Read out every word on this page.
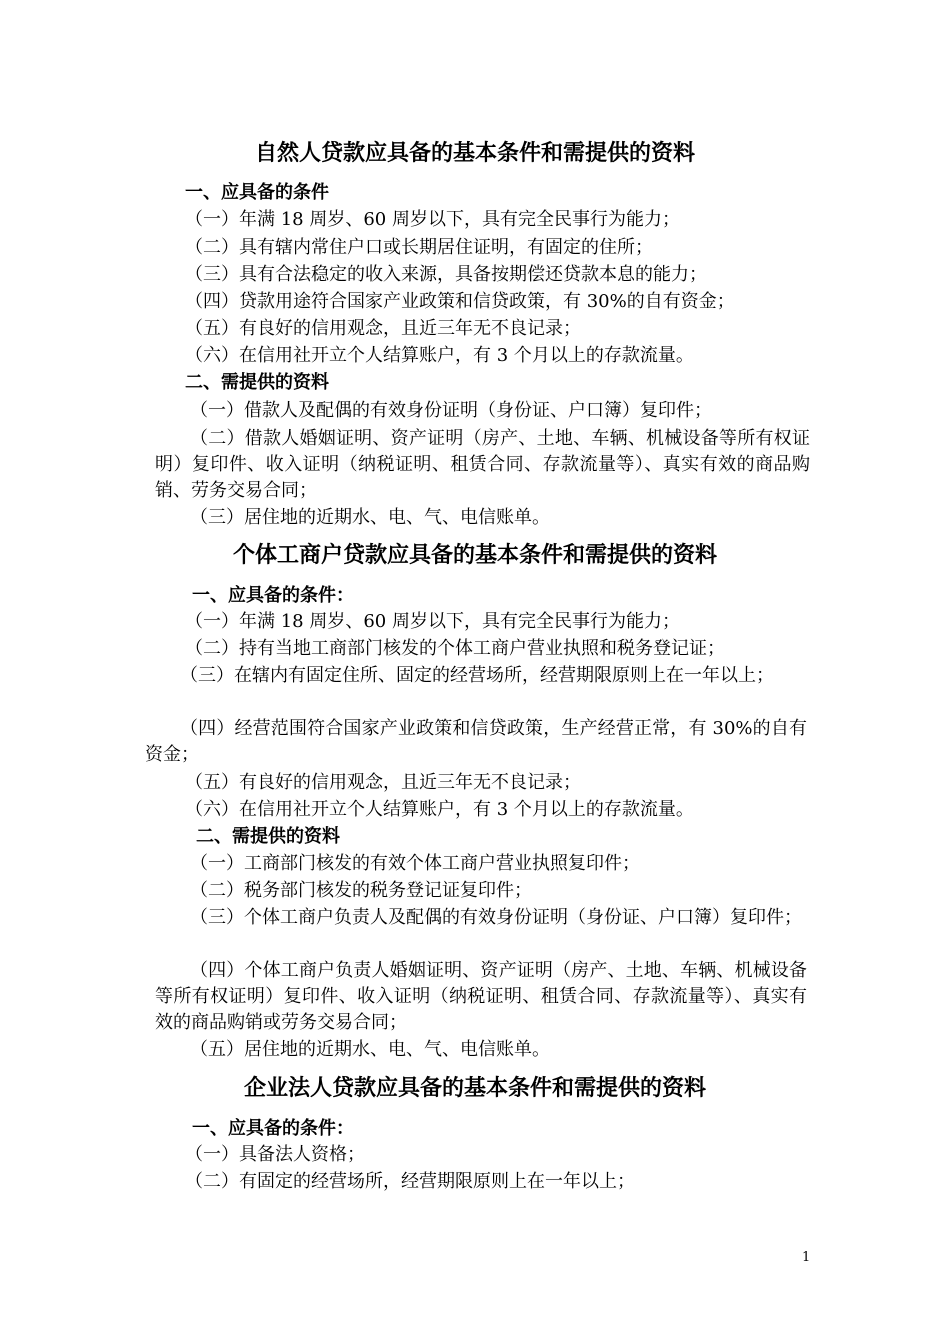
自然人贷款应具备的基本条件和需提供的资料
一、应具备的条件
（一）年满 18 周岁、60 周岁以下，具有完全民事行为能力；
（二）具有辖内常住户口或长期居住证明，有固定的住所；
（三）具有合法稳定的收入来源，具备按期偿还贷款本息的能力；
（四）贷款用途符合国家产业政策和信贷政策，有 30%的自有资金；
（五）有良好的信用观念，且近三年无不良记录；
（六）在信用社开立个人结算账户，有 3 个月以上的存款流量。
二、需提供的资料
（一）借款人及配偶的有效身份证明（身份证、户口簿）复印件；
（二）借款人婚姻证明、资产证明（房产、土地、车辆、机械设备等所有权证明）复印件、收入证明（纳税证明、租赁合同、存款流量等）、真实有效的商品购销、劳务交易合同；
（三）居住地的近期水、电、气、电信账单。
个体工商户贷款应具备的基本条件和需提供的资料
一、应具备的条件：
（一）年满 18 周岁、60 周岁以下，具有完全民事行为能力；
（二）持有当地工商部门核发的个体工商户营业执照和税务登记证；
（三）在辖内有固定住所、固定的经营场所，经营期限原则上在一年以上；
（四）经营范围符合国家产业政策和信贷政策，生产经营正常，有 30%的自有资金；
（五）有良好的信用观念，且近三年无不良记录；
（六）在信用社开立个人结算账户，有 3 个月以上的存款流量。
二、需提供的资料
（一）工商部门核发的有效个体工商户营业执照复印件；
（二）税务部门核发的税务登记证复印件；
（三）个体工商户负责人及配偶的有效身份证明（身份证、户口簿）复印件；
（四）个体工商户负责人婚姻证明、资产证明（房产、土地、车辆、机械设备等所有权证明）复印件、收入证明（纳税证明、租赁合同、存款流量等）、真实有效的商品购销或劳务交易合同；
（五）居住地的近期水、电、气、电信账单。
企业法人贷款应具备的基本条件和需提供的资料
一、应具备的条件：
（一）具备法人资格；
（二）有固定的经营场所，经营期限原则上在一年以上；
1
